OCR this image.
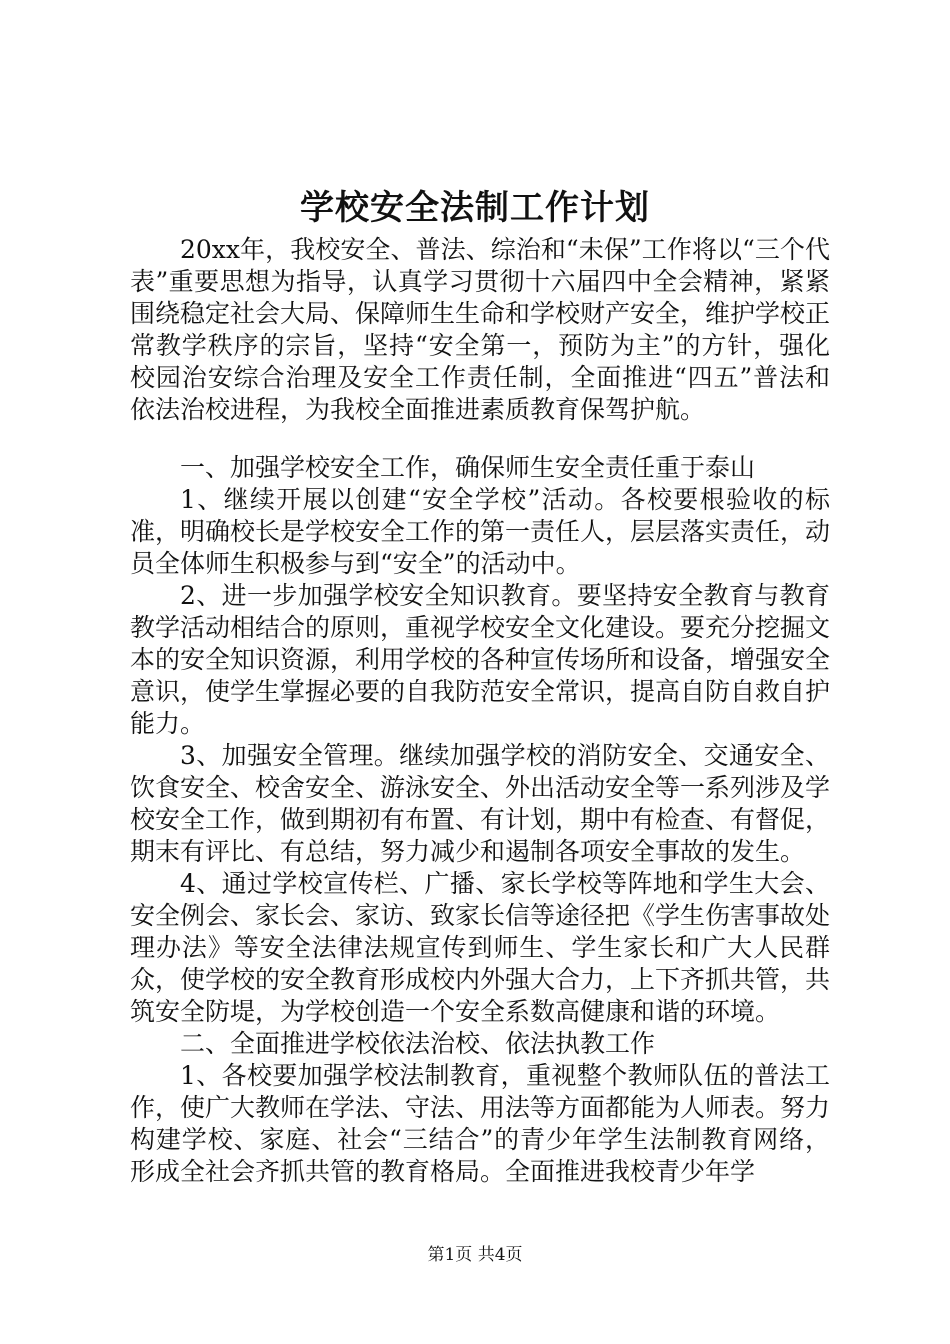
学校安全法制工作计划

20xx年，我校安全、普法、综治和“未保”工作将以“三个代表”重要思想为指导，认真学习贯彻十六届四中全会精神，紧紧围绕稳定社会大局、保障师生生命和学校财产安全，维护学校正常教学秩序的宗旨，坚持“安全第一，预防为主”的方针，强化校园治安综合治理及安全工作责任制，全面推进“四五”普法和依法治校进程，为我校全面推进素质教育保驾护航。

一、加强学校安全工作，确保师生安全责任重于泰山

1、继续开展以创建“安全学校”活动。各校要根验收的标准，明确校长是学校安全工作的第一责任人，层层落实责任，动员全体师生积极参与到“安全”的活动中。

2、进一步加强学校安全知识教育。要坚持安全教育与教育教学活动相结合的原则，重视学校安全文化建设。要充分挖掘文本的安全知识资源，利用学校的各种宣传场所和设备，增强安全意识，使学生掌握必要的自我防范安全常识，提高自防自救自护能力。

3、加强安全管理。继续加强学校的消防安全、交通安全、饮食安全、校舍安全、游泳安全、外出活动安全等一系列涉及学校安全工作，做到期初有布置、有计划，期中有检查、有督促，期末有评比、有总结，努力减少和遏制各项安全事故的发生。

4、通过学校宣传栏、广播、家长学校等阵地和学生大会、安全例会、家长会、家访、致家长信等途径把《学生伤害事故处理办法》等安全法律法规宣传到师生、学生家长和广大人民群众，使学校的安全教育形成校内外强大合力，上下齐抓共管，共筑安全防堤，为学校创造一个安全系数高健康和谐的环境。

二、全面推进学校依法治校、依法执教工作

1、各校要加强学校法制教育，重视整个教师队伍的普法工作，使广大教师在学法、守法、用法等方面都能为人师表。努力构建学校、家庭、社会“三结合”的青少年学生法制教育网络，形成全社会齐抓共管的教育格局。全面推进我校青少年学

第1页 共4页
